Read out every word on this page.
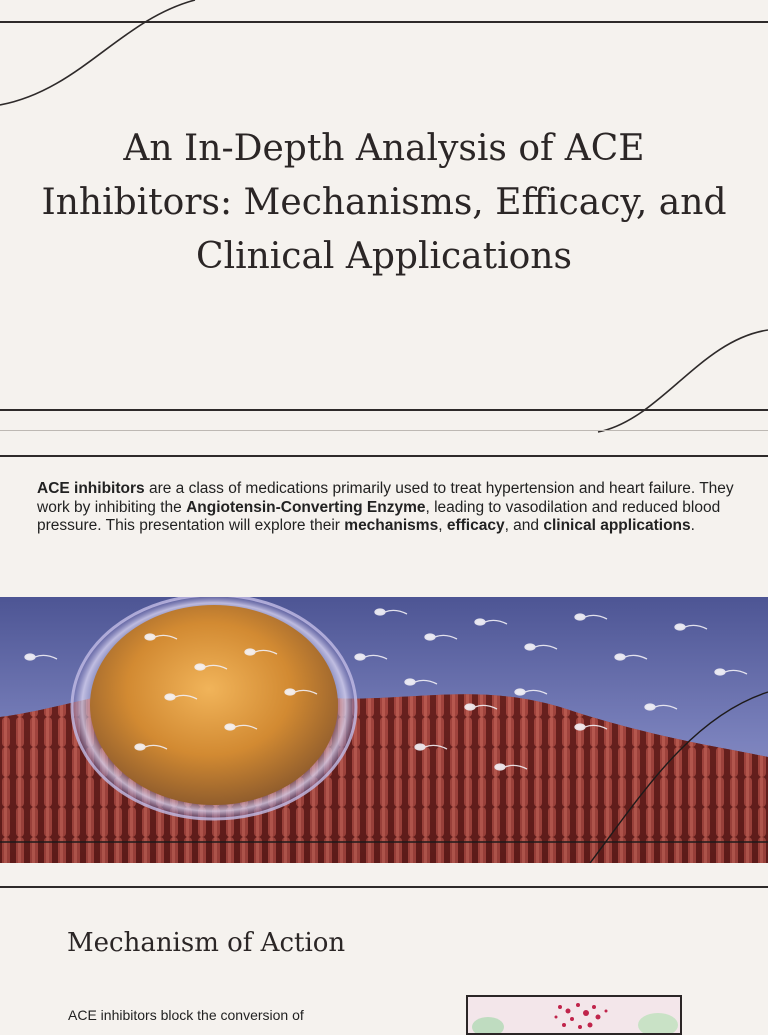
An In-Depth Analysis of ACE Inhibitors: Mechanisms, Efficacy, and Clinical Applications

ACE inhibitors are a class of medications primarily used to treat hypertension and heart failure. They work by inhibiting the Angiotensin-Converting Enzyme, leading to vasodilation and reduced blood pressure. This presentation will explore their mechanisms, efficacy, and clinical applications.

Mechanism of Action

ACE inhibitors block the conversion of
